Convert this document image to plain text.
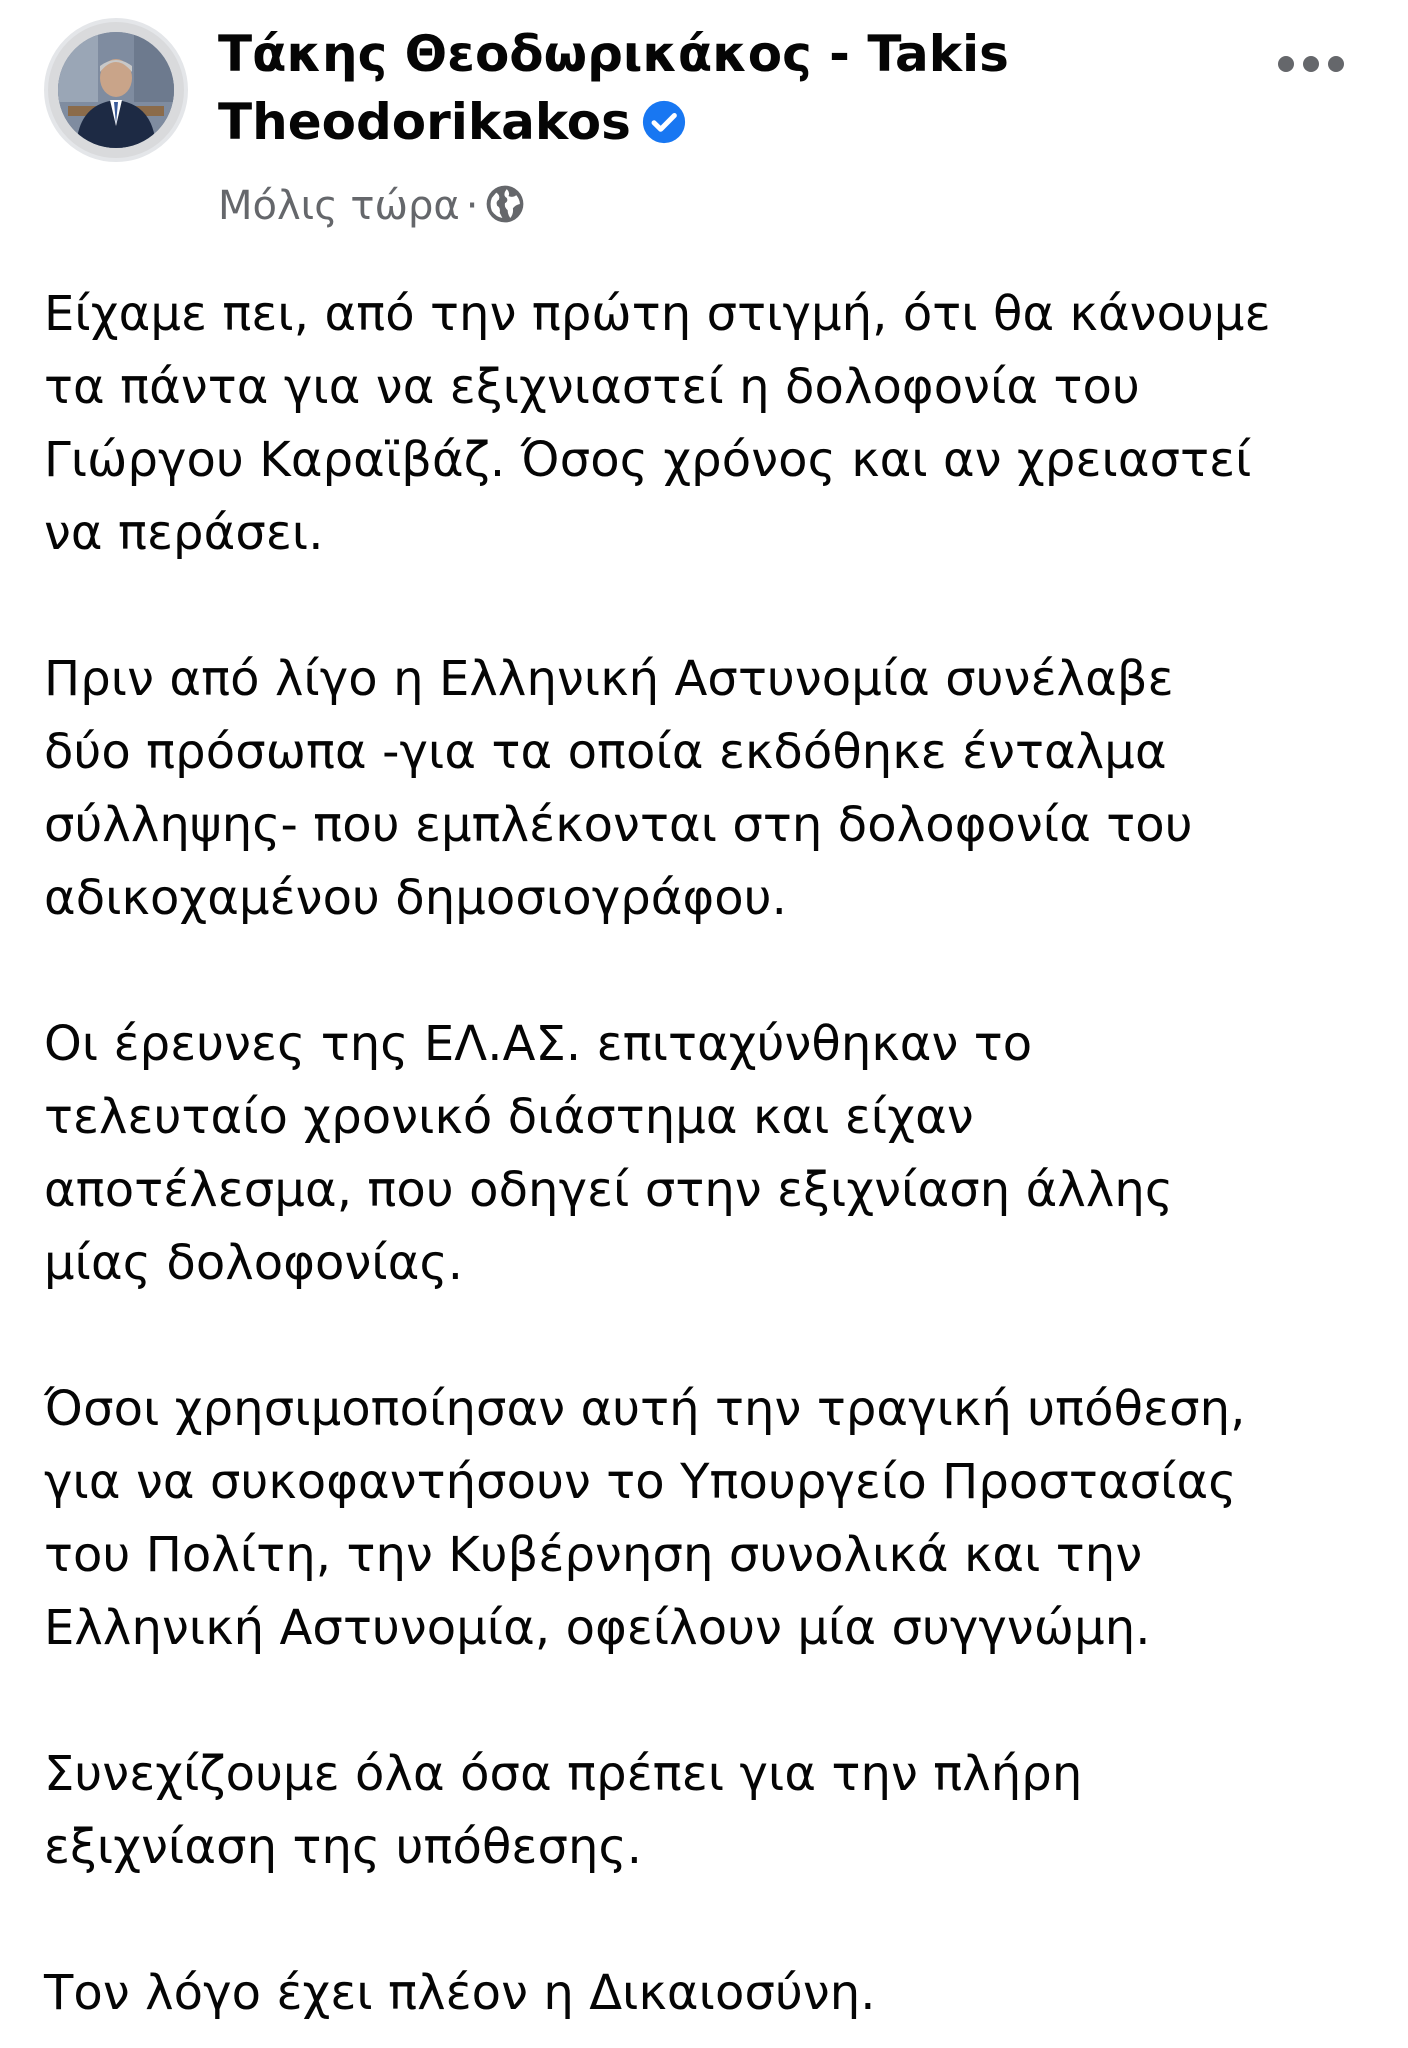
Τάκης Θεοδωρικάκος - Takis
Theodorikakos
Μόλις τώρα ·

Είχαμε πει, από την πρώτη στιγμή, ότι θα κάνουμε
τα πάντα για να εξιχνιαστεί η δολοφονία του
Γιώργου Καραϊβάζ. Όσος χρόνος και αν χρειαστεί
να περάσει.

Πριν από λίγο η Ελληνική Αστυνομία συνέλαβε
δύο πρόσωπα -για τα οποία εκδόθηκε ένταλμα
σύλληψης- που εμπλέκονται στη δολοφονία του
αδικοχαμένου δημοσιογράφου.

Οι έρευνες της ΕΛ.ΑΣ. επιταχύνθηκαν το
τελευταίο χρονικό διάστημα και είχαν
αποτέλεσμα, που οδηγεί στην εξιχνίαση άλλης
μίας δολοφονίας.

Όσοι χρησιμοποίησαν αυτή την τραγική υπόθεση,
για να συκοφαντήσουν το Υπουργείο Προστασίας
του Πολίτη, την Κυβέρνηση συνολικά και την
Ελληνική Αστυνομία, οφείλουν μία συγγνώμη.

Συνεχίζουμε όλα όσα πρέπει για την πλήρη
εξιχνίαση της υπόθεσης.

Τον λόγο έχει πλέον η Δικαιοσύνη.
